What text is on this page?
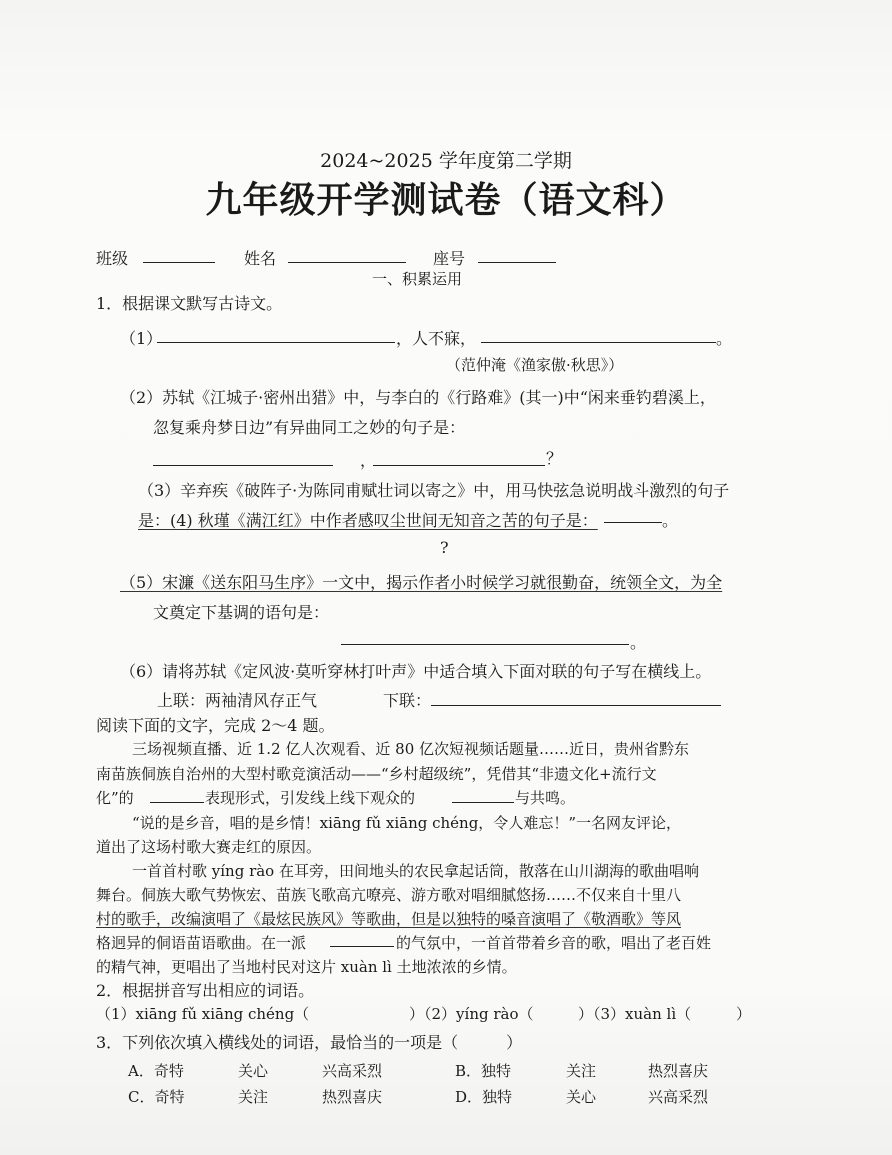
2024~2025 学年度第二学期
九年级开学测试卷（语文科）
班级	姓名	座号
一、积累运用
1．根据课文默写古诗文。
（1）	，人不寐，	。
（范仲淹《渔家傲·秋思》）
（2）苏轼《江城子·密州出猎》中，与李白的《行路难》(其一)中“闲来垂钓碧溪上，
忽复乘舟梦日边”有异曲同工之妙的句子是：
，	？
（3）辛弃疾《破阵子·为陈同甫赋壮词以寄之》中，用马快弦急说明战斗激烈的句子
是：(4) 秋瑾《满江红》中作者感叹尘世间无知音之苦的句子是：	。
?
（5）宋濂《送东阳马生序》一文中，揭示作者小时候学习就很勤奋，统领全文，为全
文奠定下基调的语句是：
。
（6）请将苏轼《定风波·莫听穿林打叶声》中适合填入下面对联的句子写在横线上。
上联：两袖清风存正气	下联：
阅读下面的文字，完成 2～4 题。
三场视频直播、近 1.2 亿人次观看、近 80 亿次短视频话题量……近日，贵州省黔东
南苗族侗族自治州的大型村歌竞演活动——“乡村超级统”，凭借其“非遗文化+流行文
化”的	表现形式，引发线上线下观众的	与共鸣。
“说的是乡音，唱的是乡情！xiāng fǔ xiāng chéng，令人难忘！”一名网友评论，
道出了这场村歌大赛走红的原因。
一首首村歌 yíng rào 在耳旁，田间地头的农民拿起话筒，散落在山川湖海的歌曲唱响
舞台。侗族大歌气势恢宏、苗族飞歌高亢嘹亮、游方歌对唱细腻悠扬……不仅来自十里八
村的歌手，改编演唱了《最炫民族风》等歌曲，但是以独特的嗓音演唱了《敬酒歌》等风
格迥异的侗语苗语歌曲。在一派	的气氛中，一首首带着乡音的歌，唱出了老百姓
的精气神，更唱出了当地村民对这片 xuàn lì 土地浓浓的乡情。
2．根据拼音写出相应的词语。
（1）xiāng fǔ xiāng chéng（	）（2）yíng rào（	）（3）xuàn lì（	）
3．下列依次填入横线处的词语，最恰当的一项是（　　　）
A．奇特	关心	兴高采烈	B．独特	关注	热烈喜庆
C．奇特	关注	热烈喜庆	D．独特	关心	兴高采烈
